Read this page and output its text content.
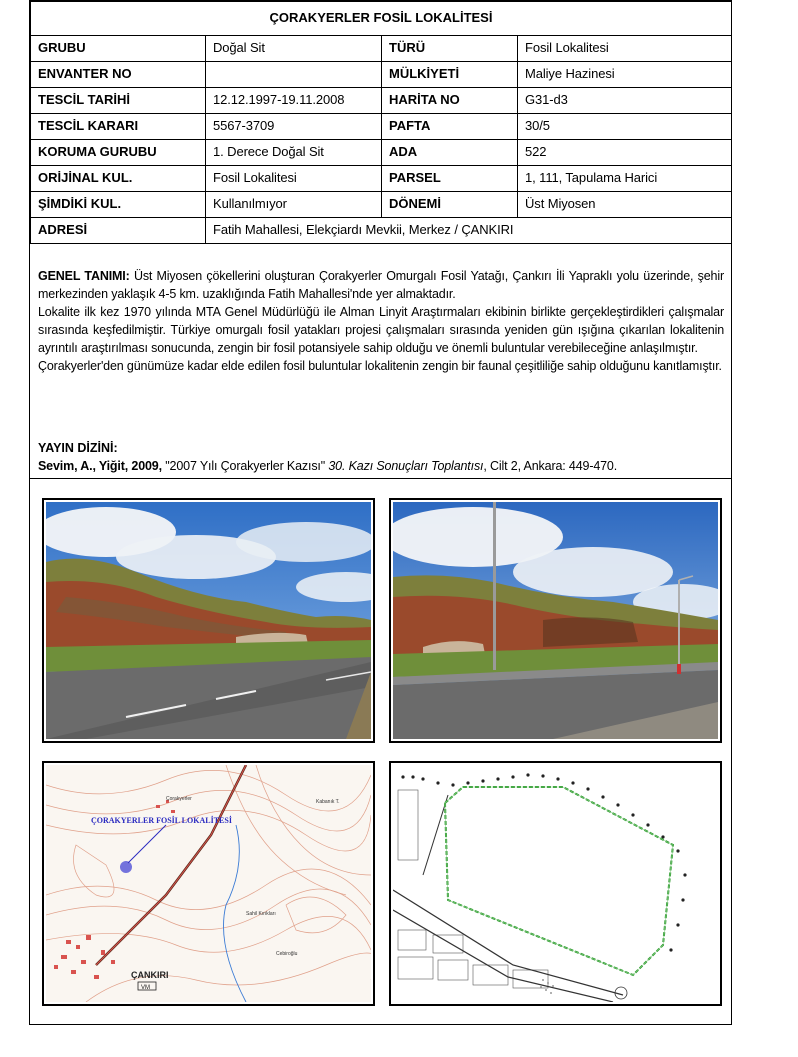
ÇORAKYERLER FOSİL LOKALİTESİ			
GRUBU	Doğal Sit	TÜRÜ	Fosil Lokalitesi
ENVANTER NO		MÜLKİYETİ	Maliye Hazinesi
TESCİL TARİHİ	12.12.1997-19.11.2008	HARİTA NO	G31-d3
TESCİL KARARI	5567-3709	PAFTA	30/5
KORUMA GURUBU	1. Derece Doğal Sit	ADA	522
ORİJİNAL KUL.	Fosil Lokalitesi	PARSEL	1, 111, Tapulama Harici
ŞİMDİKİ KUL.	Kullanılmıyor	DÖNEMİ	Üst Miyosen
ADRESİ	Fatih Mahallesi, Elekçiardı Mevkii, Merkez / ÇANKIRI		

GENEL TANIMI: Üst Miyosen çökellerini oluşturan Çorakyerler Omurgalı Fosil Yatağı, Çankırı İli Yapraklı yolu üzerinde, şehir merkezinden yaklaşık 4-5 km. uzaklığında Fatih Mahallesi'nde yer almaktadır.

Lokalite ilk kez 1970 yılında MTA Genel Müdürlüğü ile Alman Linyit Araştırmaları ekibinin birlikte gerçekleştirdikleri çalışmalar sırasında keşfedilmiştir. Türkiye omurgalı fosil yatakları projesi çalışmaları sırasında yeniden gün ışığına çıkarılan lokalitenin ayrıntılı araştırılması sonucunda, zengin bir fosil potansiyele sahip olduğu ve önemli buluntular verebileceğine anlaşılmıştır.

Çorakyerler'den günümüze kadar elde edilen fosil buluntular lokalitenin zengin bir faunal çeşitliliğe sahip olduğunu kanıtlamıştır.

YAYIN DİZİNİ:
Sevim, A., Yiğit, 2009, "2007 Yılı Çorakyerler Kazısı" 30. Kazı Sonuçları Toplantısı, Cilt 2, Ankara: 449-470.
ÇORAKYERLER FOSİL LOKALİTESİ
Çorakyerler
ÇANKIRI
VM
Kabanık T.
Sahil Kırıkları
Cebiroğlu
